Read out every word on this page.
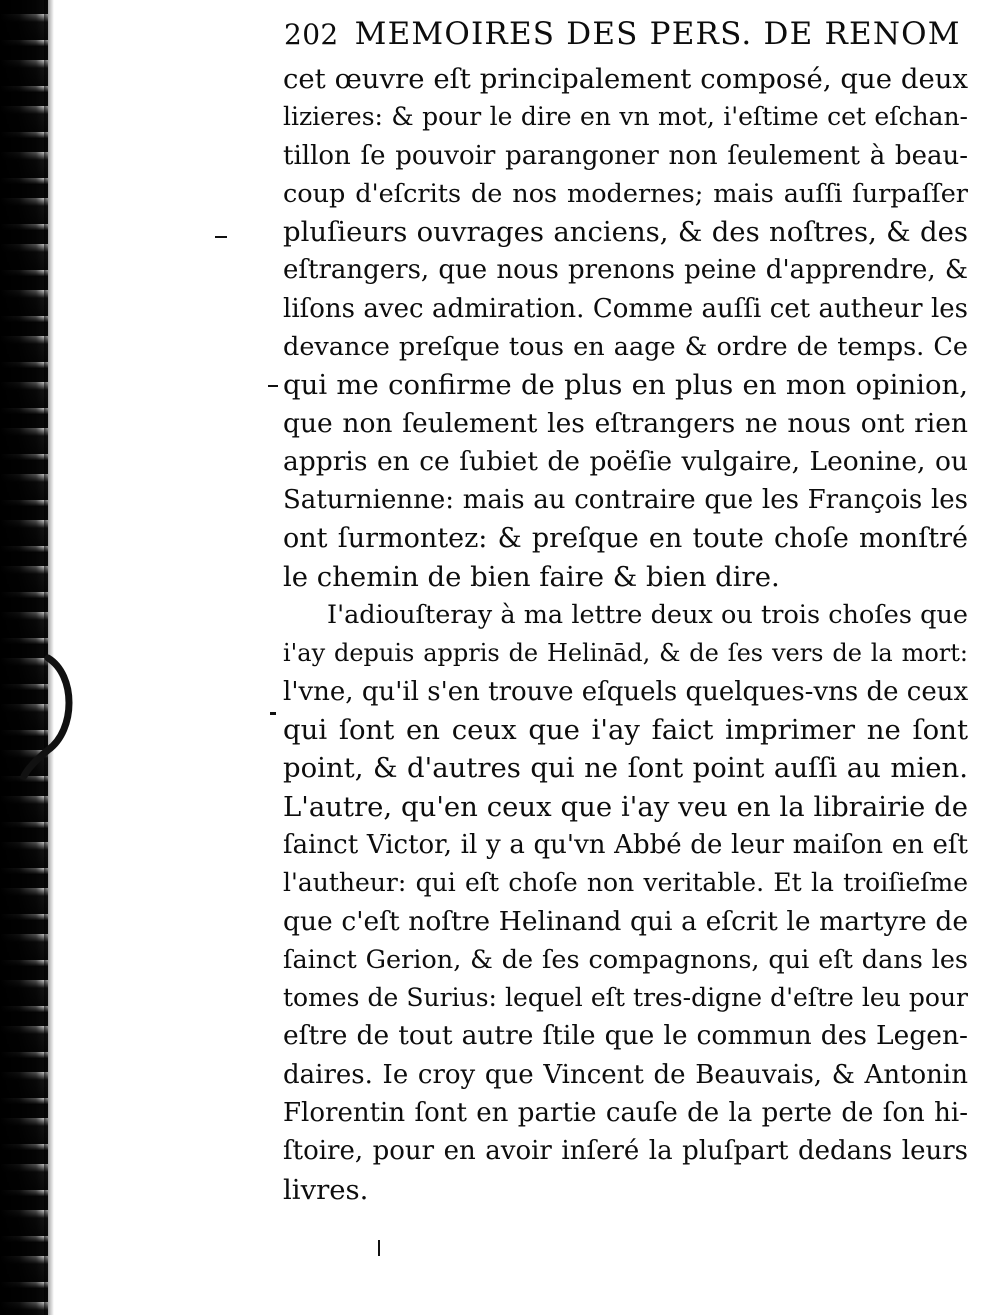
202 MEMOIRES DES PERS. DE RENOM
cet œuvre eſt principalement composé, que deux
lizieres: & pour le dire en vn mot, i'eſtime cet eſchan-
tillon ſe pouvoir parangoner non ſeulement à beau-
coup d'eſcrits de nos modernes; mais auſſi ſurpaſſer
pluſieurs ouvrages anciens, & des noſtres, & des
eſtrangers, que nous prenons peine d'apprendre, &
liſons avec admiration. Comme auſſi cet autheur les
devance preſque tous en aage & ordre de temps. Ce
qui me confirme de plus en plus en mon opinion,
que non ſeulement les eſtrangers ne nous ont rien
appris en ce ſubiet de poëſie vulgaire, Leonine, ou
Saturnienne: mais au contraire que les François les
ont ſurmontez: & preſque en toute choſe monſtré
le chemin de bien faire & bien dire.
I'adiouſteray à ma lettre deux ou trois choſes que
i'ay depuis appris de Helinād, & de ſes vers de la mort:
l'vne, qu'il s'en trouve eſquels quelques-vns de ceux
qui ſont en ceux que i'ay faict imprimer ne ſont
point, & d'autres qui ne ſont point auſſi au mien.
L'autre, qu'en ceux que i'ay veu en la librairie de
ſainct Victor, il y a qu'vn Abbé de leur maiſon en eſt
l'autheur: qui eſt choſe non veritable. Et la troiſieſme
que c'eſt noſtre Helinand qui a eſcrit le martyre de
ſainct Gerion, & de ſes compagnons, qui eſt dans les
tomes de Surius: lequel eſt tres-digne d'eſtre leu pour
eſtre de tout autre ſtile que le commun des Legen-
daires. Ie croy que Vincent de Beauvais, & Antonin
Florentin ſont en partie cauſe de la perte de ſon hi-
ſtoire, pour en avoir inſeré la pluſpart dedans leurs
livres.
